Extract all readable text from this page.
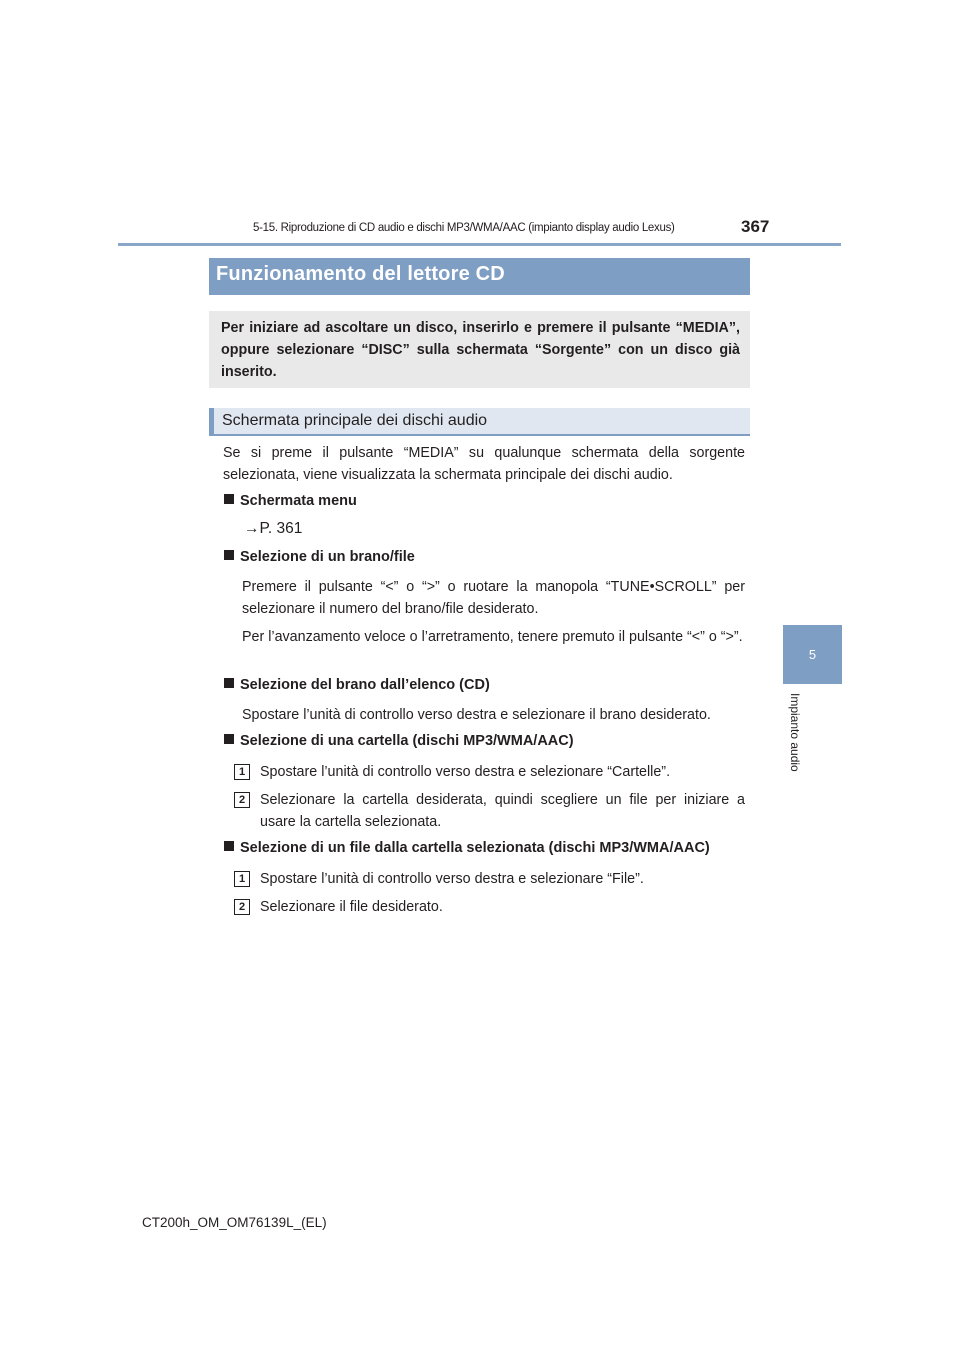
5-15. Riproduzione di CD audio e dischi MP3/WMA/AAC (impianto display audio Lexus)	367
5
Impianto audio
Funzionamento del lettore CD
Per iniziare ad ascoltare un disco, inserirlo e premere il pulsante “MEDIA”, oppure selezionare “DISC” sulla schermata “Sorgente” con un disco già inserito.
Schermata principale dei dischi audio
Se si preme il pulsante “MEDIA” su qualunque schermata della sorgente selezionata, viene visualizzata la schermata principale dei dischi audio.
Schermata menu
→P. 361
Selezione di un brano/file
Premere il pulsante “<” o “>” o ruotare la manopola “TUNE•SCROLL” per selezionare il numero del brano/file desiderato.
Per l’avanzamento veloce o l’arretramento, tenere premuto il pulsante “<” o “>”.
Selezione del brano dall’elenco (CD)
Spostare l’unità di controllo verso destra e selezionare il brano desiderato.
Selezione di una cartella (dischi MP3/WMA/AAC)
1	Spostare l’unità di controllo verso destra e selezionare “Cartelle”.
2	Selezionare la cartella desiderata, quindi scegliere un file per iniziare a usare la cartella selezionata.
Selezione di un file dalla cartella selezionata (dischi MP3/WMA/AAC)
1	Spostare l’unità di controllo verso destra e selezionare “File”.
2	Selezionare il file desiderato.
CT200h_OM_OM76139L_(EL)
